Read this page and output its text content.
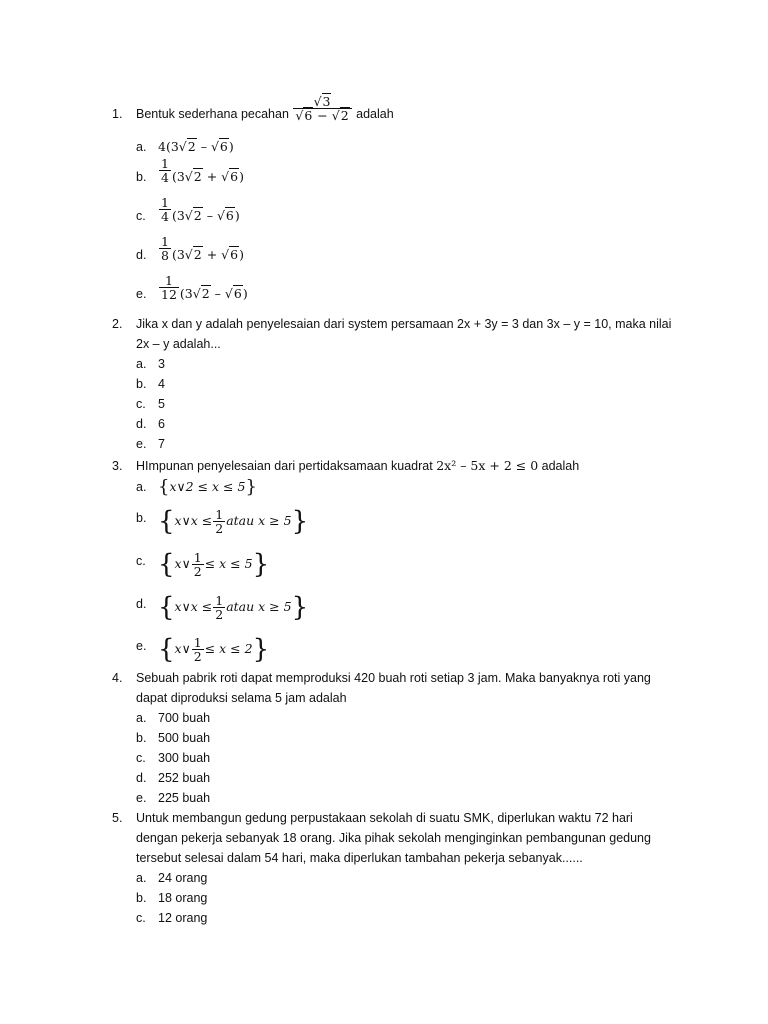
1.	Bentuk sederhana pecahan $\frac{√3}{√6 - √2}$ adalah
a. 4(3√2 – √6)
b.	$\frac{1}{4} (3√2 + √6)$
c.	$\frac{1}{4} (3√2 - √6)$
d.	$\frac{1}{8} (3√2 + √6)$
e.	$\frac{1}{12} (3√2 - √6)$
2.	Jika x dan y adalah penyelesaian dari system persamaan 2x + 3y = 3 dan 3x – y = 10, maka nilai 2x – y adalah...
a. 3
b. 4
c. 5
d. 6
e. 7
3.	HImpunan penyelesaian dari pertidaksamaan kuadrat 2x² – 5x + 2 ≤ 0 adalah
a. {x∨2 ≤ x ≤ 5}
b. {x∨x ≤ $\frac{1}{2}$ atau x ≥ 5}
c. {x∨ $\frac{1}{2} \le x \le 5$}
d. {x∨x ≤ $\frac{1}{2}$ atau x ≥ 5}
e. {x∨ $\frac{1}{2} \le x \le 2$}
4.	Sebuah pabrik roti dapat memproduksi 420 buah roti setiap 3 jam. Maka banyaknya roti yang dapat diproduksi selama 5 jam adalah
a. 700 buah
b. 500 buah
c. 300 buah
d. 252 buah
e. 225 buah
5.	Untuk membangun gedung perpustakaan sekolah di suatu SMK, diperlukan waktu 72 hari dengan pekerja sebanyak 18 orang. Jika pihak sekolah menginginkan pembangunan gedung tersebut selesai dalam 54 hari, maka diperlukan tambahan pekerja sebanyak......
a. 24 orang
b. 18 orang
c. 12 orang
